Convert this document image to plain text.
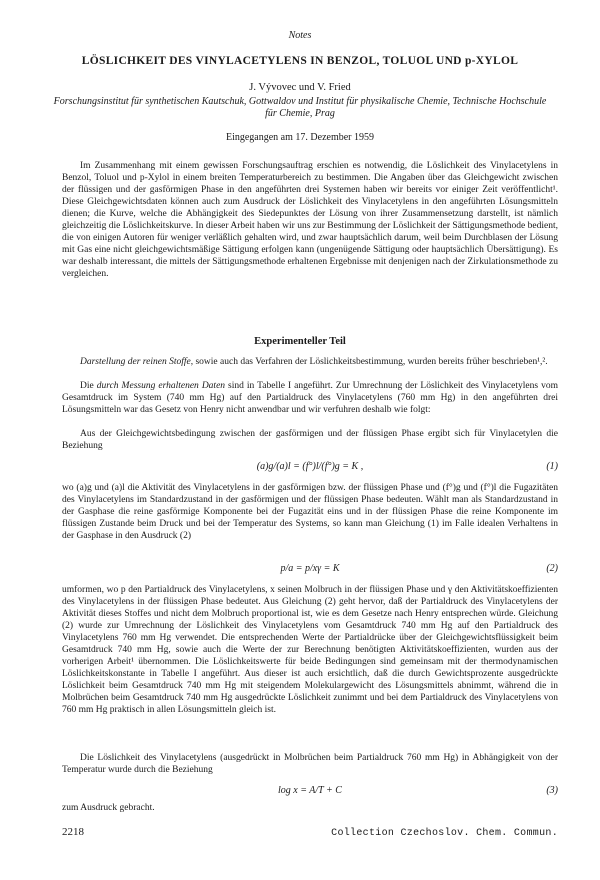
Notes
LÖSLICHKEIT DES VINYLACETYLENS IN BENZOL, TOLUOL UND p-XYLOL
J. Vývovec und V. Fried
Forschungsinstitut für synthetischen Kautschuk, Gottwaldov und Institut für physikalische Chemie, Technische Hochschule für Chemie, Prag
Eingegangen am 17. Dezember 1959

Im Zusammenhang mit einem gewissen Forschungsauftrag erschien es notwendig, die Löslichkeit des Vinylacetylens in Benzol, Toluol und p-Xylol in einem breiten Temperaturbereich zu bestimmen. Die Angaben über das Gleichgewicht zwischen der flüssigen und der gasförmigen Phase in den angeführten drei Systemen haben wir bereits vor einiger Zeit veröffentlicht¹. Diese Gleichgewichtsdaten können auch zum Ausdruck der Löslichkeit des Vinylacetylens in den angeführten Lösungsmitteln dienen; die Kurve, welche die Abhängigkeit des Siedepunktes der Lösung von ihrer Zusammensetzung darstellt, ist nämlich gleichzeitig die Löslichkeitskurve. In dieser Arbeit haben wir uns zur Bestimmung der Löslichkeit der Sättigungsmethode bedient, die von einigen Autoren für weniger verläßlich gehalten wird, und zwar hauptsächlich darum, weil beim Durchblasen der Lösung mit Gas eine nicht gleichgewichtsmäßige Sättigung erfolgen kann (ungenügende Sättigung oder hauptsächlich Übersättigung). Es war deshalb interessant, die mittels der Sättigungsmethode erhaltenen Ergebnisse mit denjenigen nach der Zirkulationsmethode zu vergleichen.

Experimenteller Teil

Darstellung der reinen Stoffe, sowie auch das Verfahren der Löslichkeitsbestimmung, wurden bereits früher beschrieben¹,².

Die durch Messung erhaltenen Daten sind in Tabelle I angeführt. Zur Umrechnung der Löslichkeit des Vinylacetylens vom Gesamtdruck im System (740 mm Hg) auf den Partialdruck des Vinylacetylens (760 mm Hg) in den angeführten drei Lösungsmitteln war das Gesetz von Henry nicht anwendbar und wir verfuhren deshalb wie folgt:

Aus der Gleichgewichtsbedingung zwischen der gasförmigen und der flüssigen Phase ergibt sich für Vinylacetylen die Beziehung

(a)g/(a)l = (f°)l/(f°)g = K ,	(1)

wo (a)g und (a)l die Aktivität des Vinylacetylens in der gasförmigen bzw. der flüssigen Phase und (f°)g und (f°)l die Fugazitäten des Vinylacetylens im Standardzustand in der gasförmigen und der flüssigen Phase bedeuten. Wählt man als Standardzustand in der Gasphase die reine gasförmige Komponente bei der Fugazität eins und in der flüssigen Phase die reine Komponente im flüssigen Zustande beim Druck und bei der Temperatur des Systems, so kann man Gleichung (1) im Falle idealen Verhaltens in der Gasphase in den Ausdruck (2)

p/a = p/xγ = K	(2)

umformen, wo p den Partialdruck des Vinylacetylens, x seinen Molbruch in der flüssigen Phase und γ den Aktivitätskoeffizienten des Vinylacetylens in der flüssigen Phase bedeutet. Aus Gleichung (2) geht hervor, daß der Partialdruck des Vinylacetylens der Aktivität dieses Stoffes und nicht dem Molbruch proportional ist, wie es dem Gesetze nach Henry entsprechen würde. Gleichung (2) wurde zur Umrechnung der Löslichkeit des Vinylacetylens vom Gesamtdruck 740 mm Hg auf den Partialdruck des Vinylacetylens 760 mm Hg verwendet. Die entsprechenden Werte der Partialdrücke über der Gleichgewichtsflüssigkeit beim Gesamtdruck 740 mm Hg, sowie auch die Werte der zur Berechnung benötigten Aktivitätskoeffizienten, wurden aus der vorherigen Arbeit¹ übernommen. Die Löslichkeitswerte für beide Bedingungen sind gemeinsam mit der thermodynamischen Löslichkeitskonstante in Tabelle I angeführt. Aus dieser ist auch ersichtlich, daß die durch Gewichtsprozente ausgedrückte Löslichkeit beim Gesamtdruck 740 mm Hg mit steigendem Molekulargewicht des Lösungsmittels abnimmt, während die in Molbrüchen beim Gesamtdruck 740 mm Hg ausgedrückte Löslichkeit zunimmt und bei dem Partialdruck des Vinylacetylens von 760 mm Hg praktisch in allen Lösungsmitteln gleich ist.

Die Löslichkeit des Vinylacetylens (ausgedrückt in Molbrüchen beim Partialdruck 760 mm Hg) in Abhängigkeit von der Temperatur wurde durch die Beziehung

log x = A/T + C	(3)

zum Ausdruck gebracht.

2218	Collection Czechoslov. Chem. Commun.
